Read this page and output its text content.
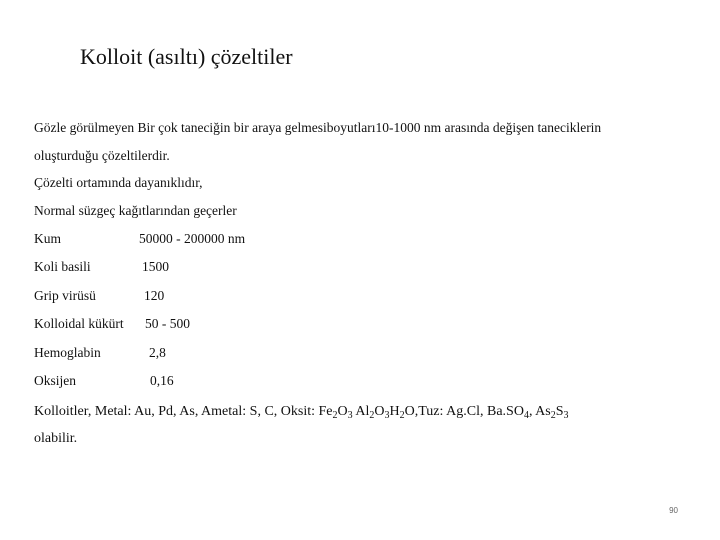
Kolloit (asıltı) çözeltiler
Gözle görülmeyen Bir çok taneciğin bir araya gelmesiboyutları10-1000 nm arasında değişen taneciklerin
oluşturduğu çözeltilerdir.
Çözelti ortamında dayanıklıdır,
Normal süzgeç kağıtlarından geçerler
Kum	50000 - 200000 nm
Koli basili	1500
Grip virüsü	120
Kolloidal kükürt 50 - 500
Hemoglabin	2,8
Oksijen	0,16
Kolloitler, Metal: Au, Pd, As, Ametal: S, C, Oksit: $Fe_2O_3$ $Al_2O_3H_2O,Tuz$: Ag.Cl, $Ba.SO_4$, $As_2S_3$
olabilir.
90
